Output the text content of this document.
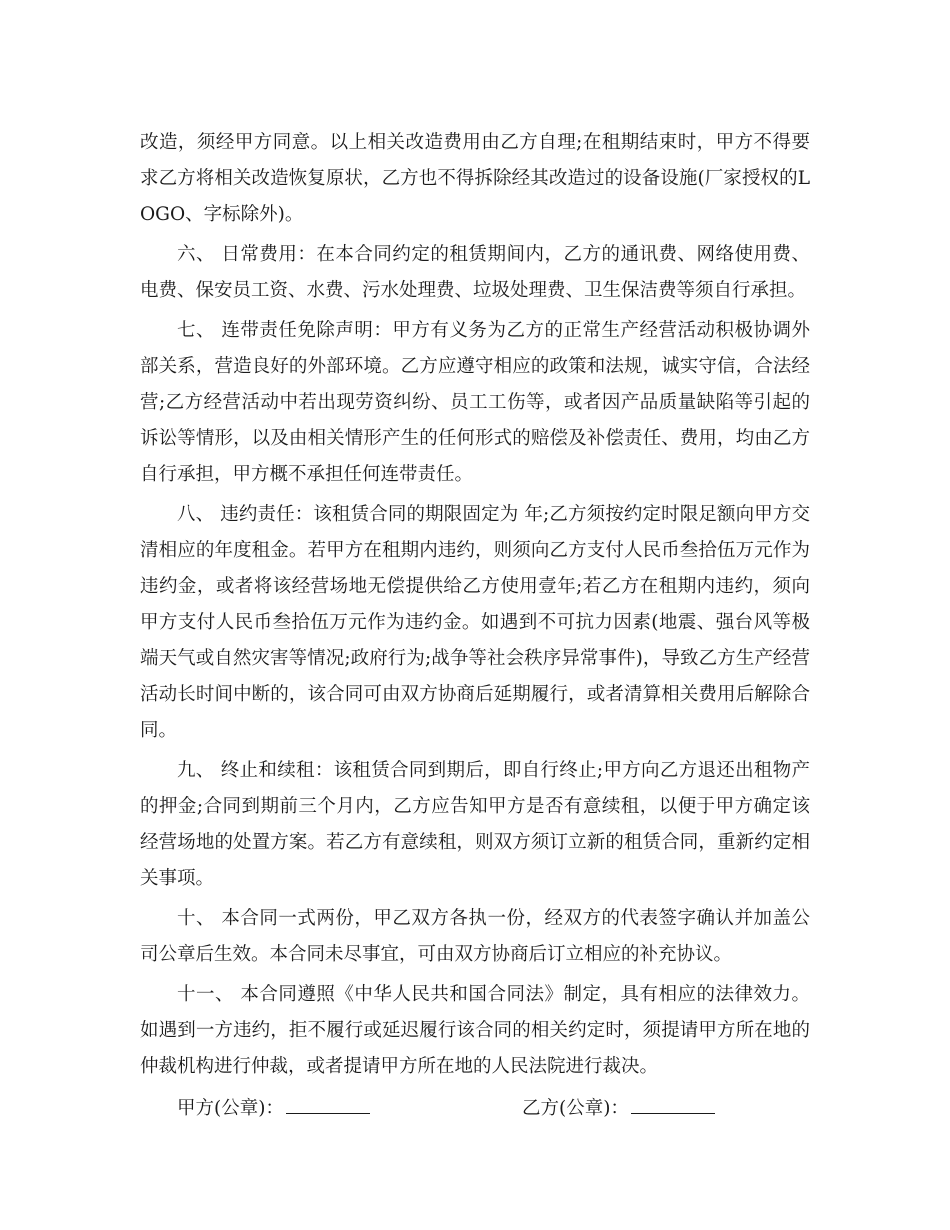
改造，须经甲方同意。以上相关改造费用由乙方自理;在租期结束时，甲方不得要求乙方将相关改造恢复原状，乙方也不得拆除经其改造过的设备设施(厂家授权的LOGO、字标除外)。

六、 日常费用：在本合同约定的租赁期间内，乙方的通讯费、网络使用费、电费、保安员工资、水费、污水处理费、垃圾处理费、卫生保洁费等须自行承担。

七、 连带责任免除声明：甲方有义务为乙方的正常生产经营活动积极协调外部关系，营造良好的外部环境。乙方应遵守相应的政策和法规，诚实守信，合法经营;乙方经营活动中若出现劳资纠纷、员工工伤等，或者因产品质量缺陷等引起的诉讼等情形，以及由相关情形产生的任何形式的赔偿及补偿责任、费用，均由乙方自行承担，甲方概不承担任何连带责任。

八、 违约责任：该租赁合同的期限固定为 年;乙方须按约定时限足额向甲方交清相应的年度租金。若甲方在租期内违约，则须向乙方支付人民币叁拾伍万元作为违约金，或者将该经营场地无偿提供给乙方使用壹年;若乙方在租期内违约，须向甲方支付人民币叁拾伍万元作为违约金。如遇到不可抗力因素(地震、强台风等极端天气或自然灾害等情况;政府行为;战争等社会秩序异常事件)，导致乙方生产经营活动长时间中断的，该合同可由双方协商后延期履行，或者清算相关费用后解除合同。

九、 终止和续租：该租赁合同到期后，即自行终止;甲方向乙方退还出租物产的押金;合同到期前三个月内，乙方应告知甲方是否有意续租，以便于甲方确定该经营场地的处置方案。若乙方有意续租，则双方须订立新的租赁合同，重新约定相关事项。

十、 本合同一式两份，甲乙双方各执一份，经双方的代表签字确认并加盖公司公章后生效。本合同未尽事宜，可由双方协商后订立相应的补充协议。

十一、 本合同遵照《中华人民共和国合同法》制定，具有相应的法律效力。如遇到一方违约，拒不履行或延迟履行该合同的相关约定时，须提请甲方所在地的仲裁机构进行仲裁，或者提请甲方所在地的人民法院进行裁决。

甲方(公章)：	乙方(公章)：
